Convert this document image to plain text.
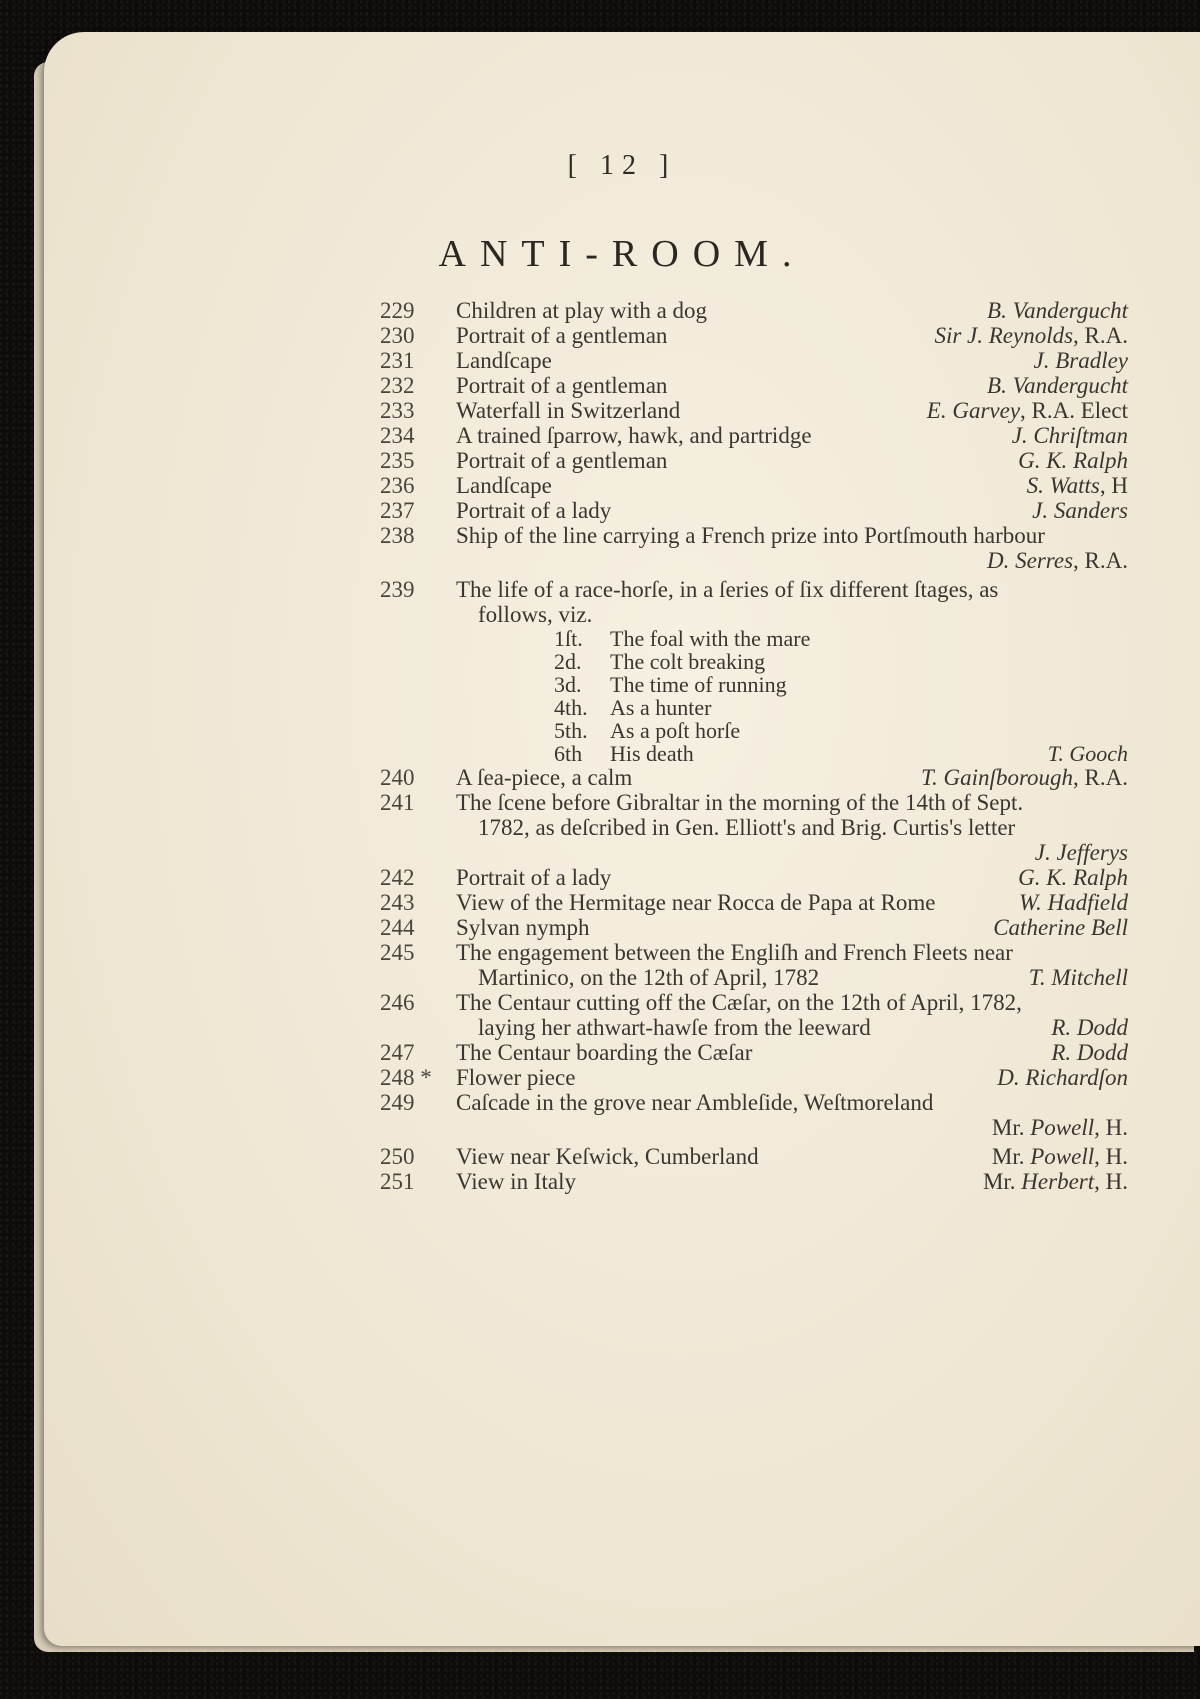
[ 12 ]
ANTI-ROOM.
229	Children at play with a dog	B. Vandergucht
230	Portrait of a gentleman	Sir J. Reynolds, R.A.
231	Landſcape	J. Bradley
232	Portrait of a gentleman	B. Vandergucht
233	Waterfall in Switzerland	E. Garvey, R.A. Elect
234	A trained ſparrow, hawk, and partridge	J. Chriſtman
235	Portrait of a gentleman	G. K. Ralph
236	Landſcape	S. Watts, H
237	Portrait of a lady	J. Sanders
238	Ship of the line carrying a French prize into Portſmouth harbour
D. Serres, R.A.
239	The life of a race-horſe, in a ſeries of ſix different ſtages, as
follows, viz.
1ſt.	The foal with the mare
2d.	The colt breaking
3d.	The time of running
4th.	As a hunter
5th.	As a poſt horſe
6th	His death	T. Gooch
240	A ſea-piece, a calm	T. Gainſborough, R.A.
241	The ſcene before Gibraltar in the morning of the 14th of Sept.
1782, as deſcribed in Gen. Elliott's and Brig. Curtis's letter
J. Jefferys
242	Portrait of a lady	G. K. Ralph
243	View of the Hermitage near Rocca de Papa at Rome	W. Hadfield
244	Sylvan nymph	Catherine Bell
245	The engagement between the Engliſh and French Fleets near
Martinico, on the 12th of April, 1782	T. Mitchell
246	The Centaur cutting off the Cæſar, on the 12th of April, 1782,
laying her athwart-hawſe from the leeward	R. Dodd
247	The Centaur boarding the Cæſar	R. Dodd
248 *	Flower piece	D. Richardſon
249	Caſcade in the grove near Ambleſide, Weſtmoreland
Mr. Powell, H.
250	View near Keſwick, Cumberland	Mr. Powell, H.
251	View in Italy	Mr. Herbert, H.
